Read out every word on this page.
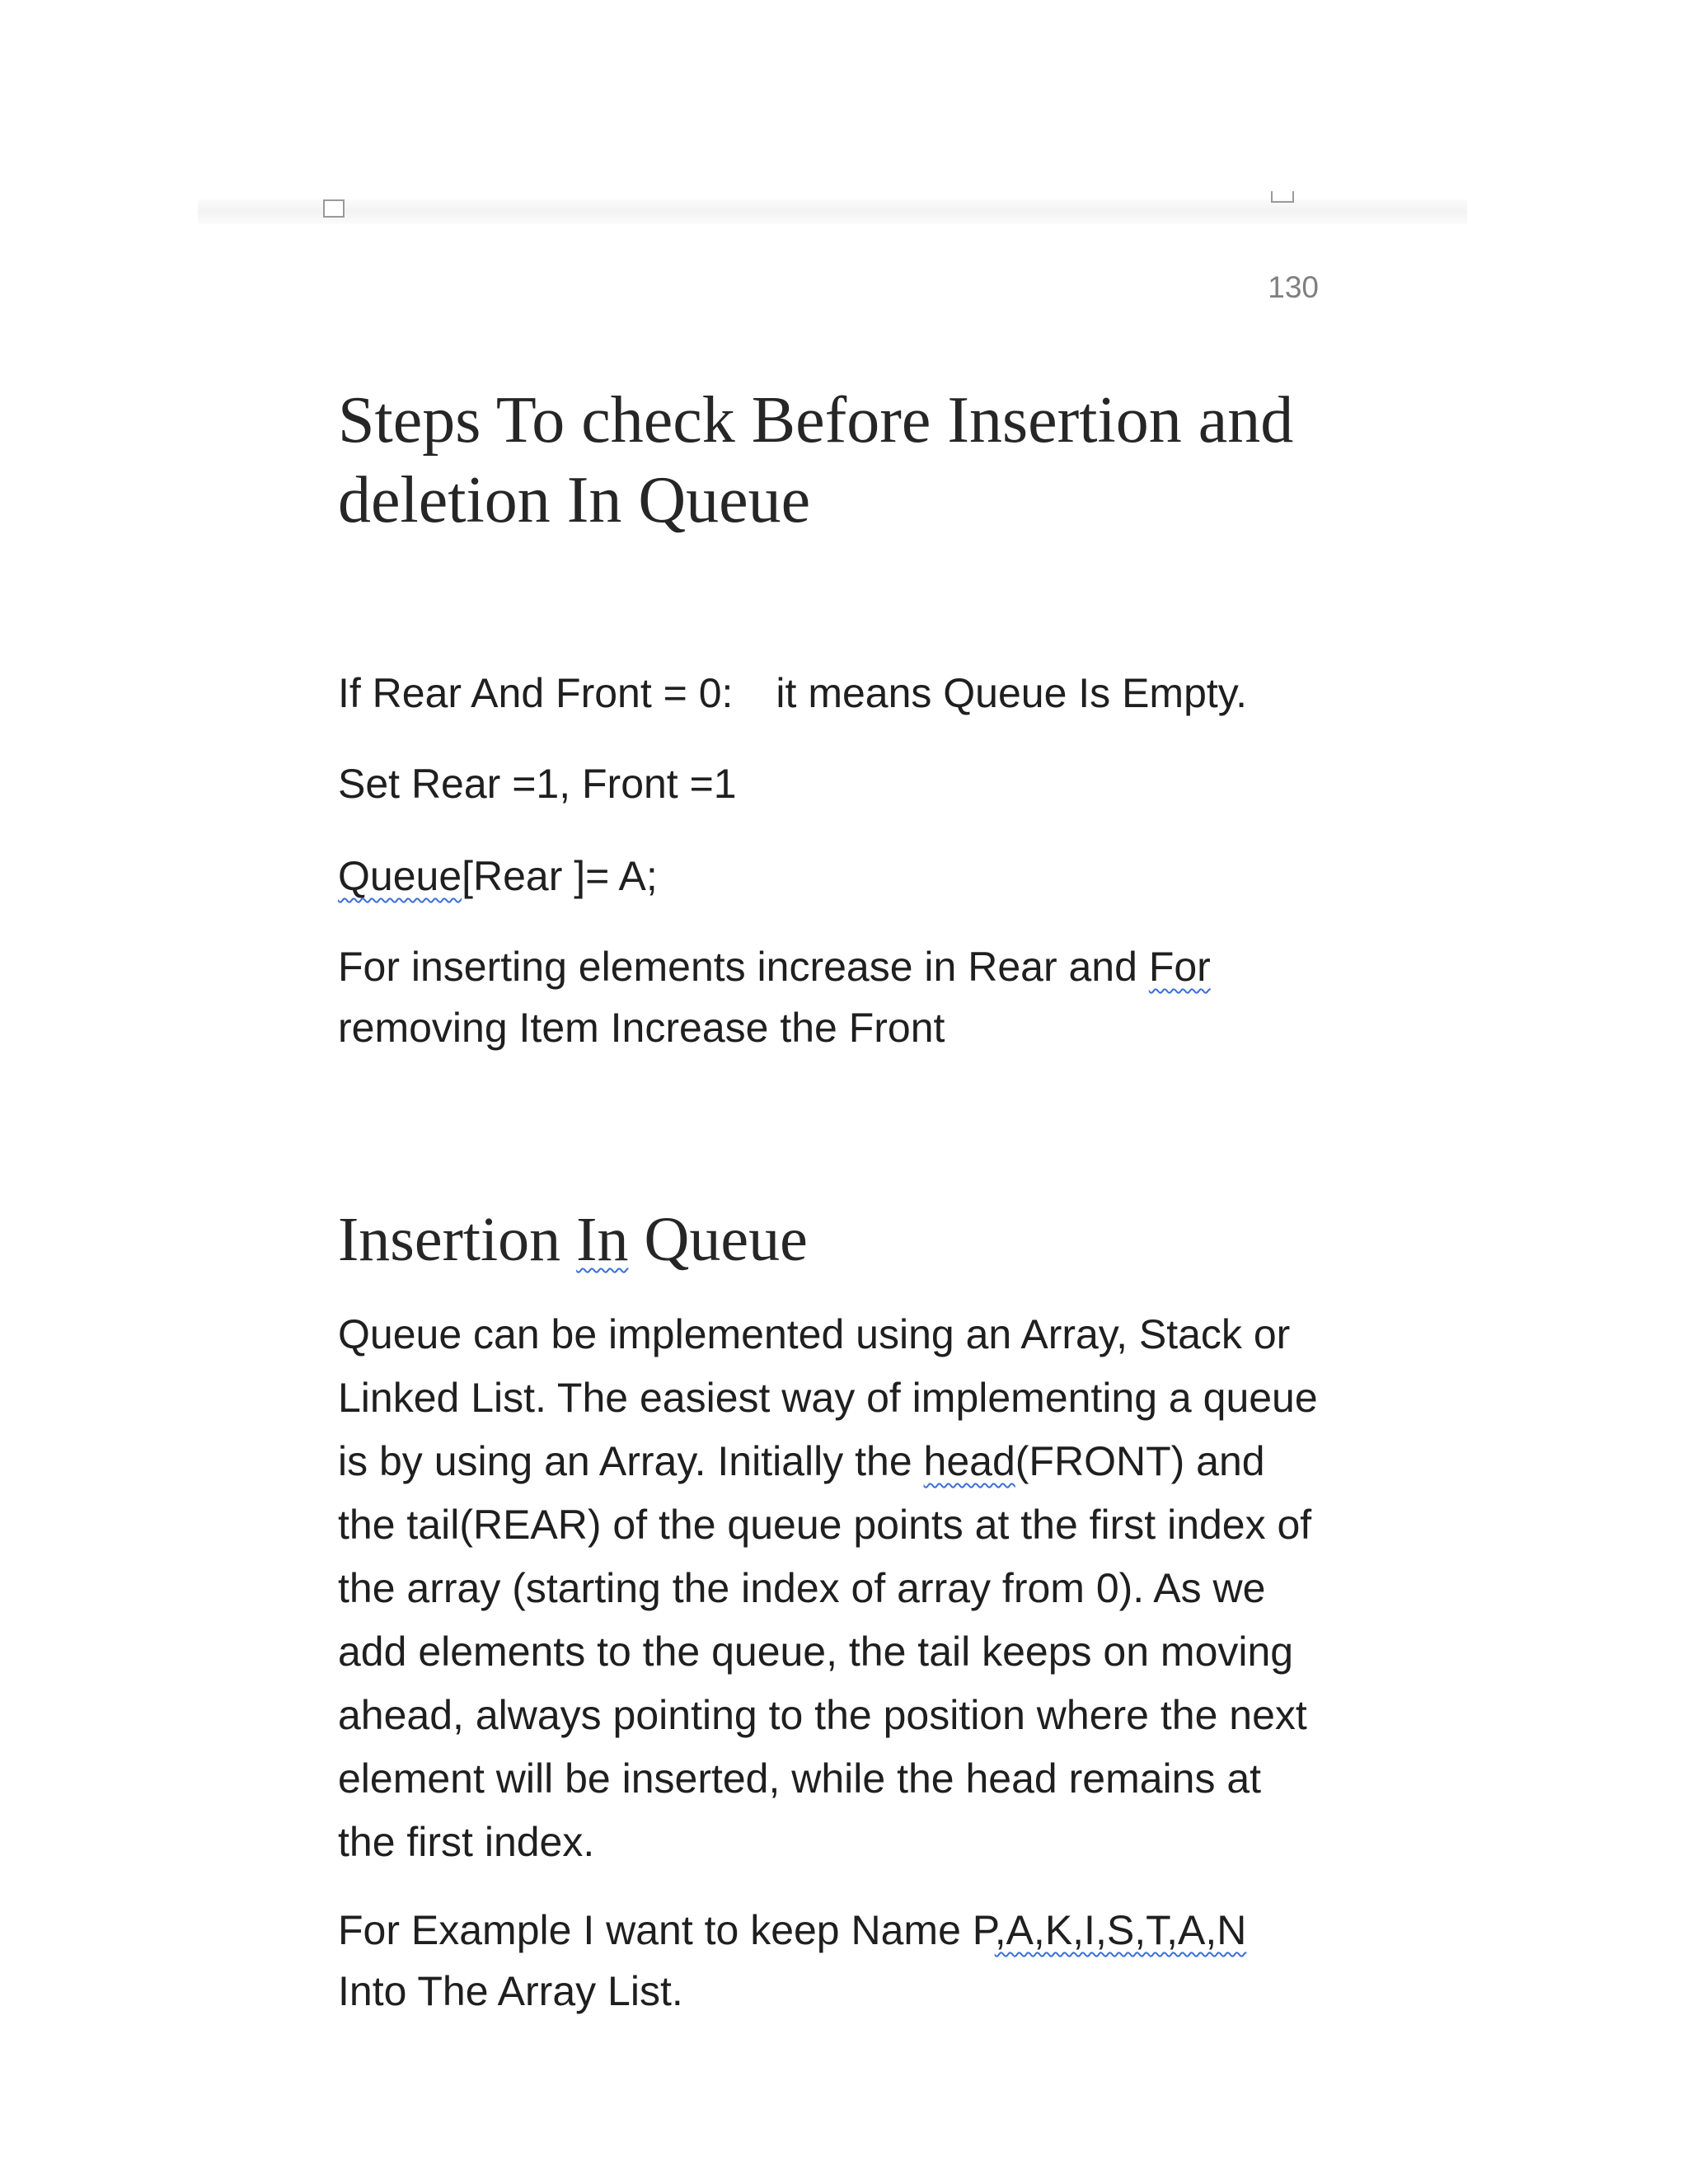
130
Steps To check Before Insertion and deletion In Queue

If Rear And Front = 0: it means Queue Is Empty.

Set Rear =1, Front =1

Queue[Rear ]= A;

For inserting elements increase in Rear and For removing Item Increase the Front

Insertion In Queue

Queue can be implemented using an Array, Stack or Linked List. The easiest way of implementing a queue is by using an Array. Initially the head(FRONT) and the tail(REAR) of the queue points at the first index of the array (starting the index of array from 0). As we add elements to the queue, the tail keeps on moving ahead, always pointing to the position where the next element will be inserted, while the head remains at the first index.

For Example I want to keep Name P,A,K,I,S,T,A,N Into The Array List.
